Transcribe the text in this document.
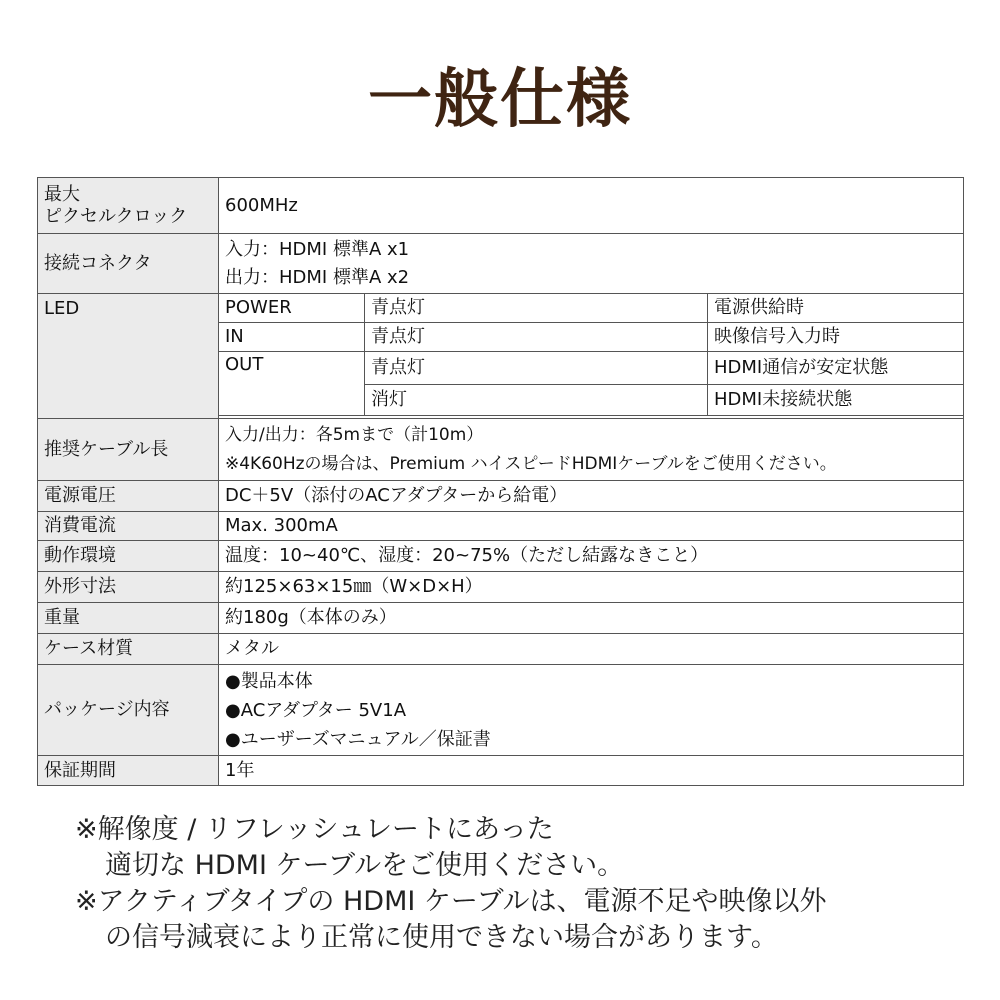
一般仕様
最大
ピクセルクロック	600MHz		
接続コネクタ	入力：HDMI 標準A x1
出力：HDMI 標準A x2		

LED	POWER	青点灯	電源供給時
	IN	青点灯	映像信号入力時
	OUT	青点灯	HDMI通信が安定状態
		消灯	HDMI未接続状態

推奨ケーブル長	入力/出力：各5mまで（計10m）
※4K60Hzの場合は、Premium ハイスピードHDMIケーブルをご使用ください。		

電源電圧	DC＋5V（添付のACアダプターから給電）		
消費電流	Max. 300mA		
動作環境	温度：10~40℃、湿度：20~75%（ただし結露なきこと）		
外形寸法	約125×63×15㎜（W×D×H）		
重量	約180g（本体のみ）		
ケース材質	メタル		
パッケージ内容	●製品本体
●ACアダプター 5V1A
●ユーザーズマニュアル／保証書		

保証期間	1年		
※解像度 / リフレッシュレートにあった
適切な HDMI ケーブルをご使用ください。
※アクティブタイプの HDMI ケーブルは、電源不足や映像以外
の信号減衰により正常に使用できない場合があります。
